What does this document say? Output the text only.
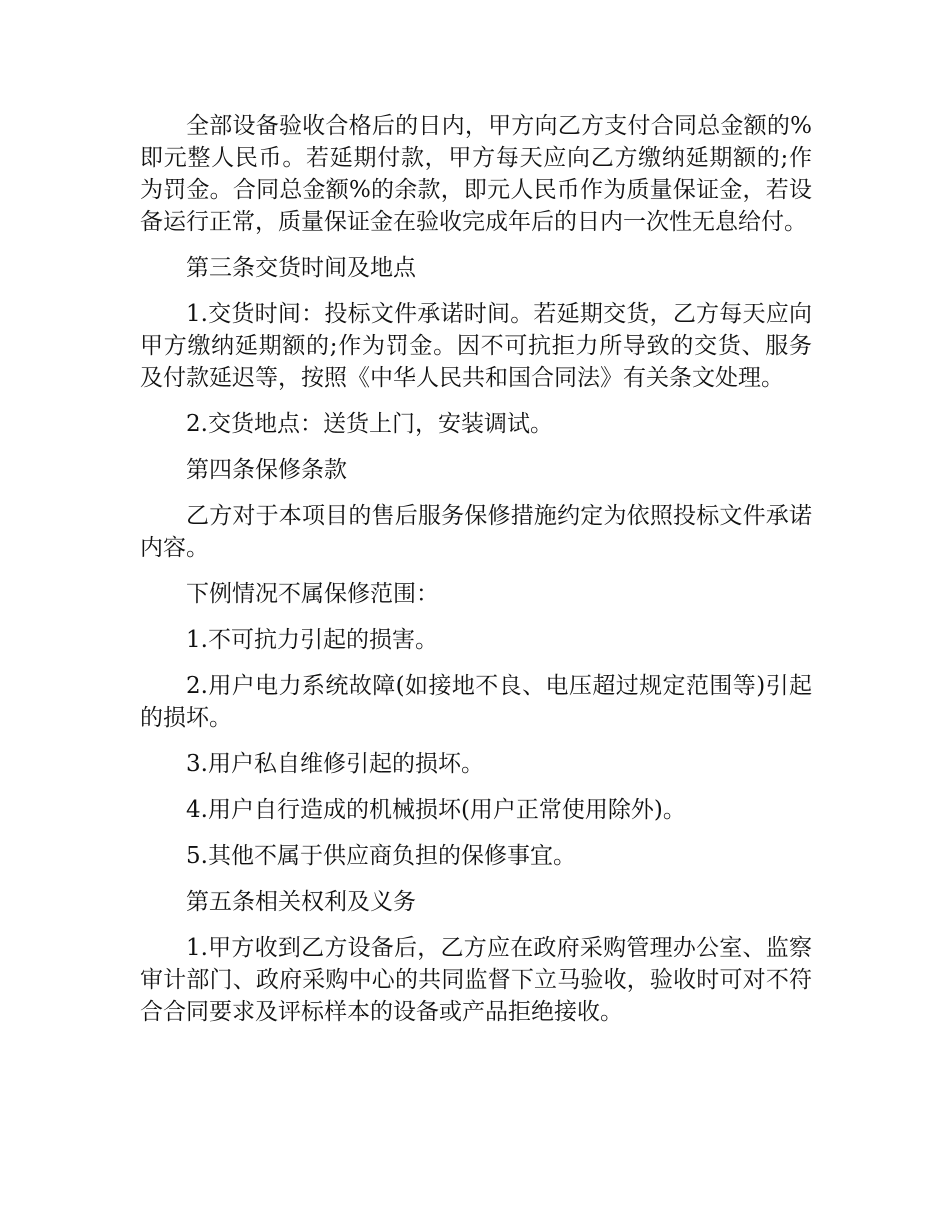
全部设备验收合格后的日内，甲方向乙方支付合同总金额的%即元整人民币。若延期付款，甲方每天应向乙方缴纳延期额的;作为罚金。合同总金额%的余款，即元人民币作为质量保证金，若设备运行正常，质量保证金在验收完成年后的日内一次性无息给付。

第三条交货时间及地点

1.交货时间：投标文件承诺时间。若延期交货，乙方每天应向甲方缴纳延期额的;作为罚金。因不可抗拒力所导致的交货、服务及付款延迟等，按照《中华人民共和国合同法》有关条文处理。

2.交货地点：送货上门，安装调试。

第四条保修条款

乙方对于本项目的售后服务保修措施约定为依照投标文件承诺内容。

下例情况不属保修范围：

1.不可抗力引起的损害。

2.用户电力系统故障(如接地不良、电压超过规定范围等)引起的损坏。

3.用户私自维修引起的损坏。

4.用户自行造成的机械损坏(用户正常使用除外)。

5.其他不属于供应商负担的保修事宜。

第五条相关权利及义务

1.甲方收到乙方设备后，乙方应在政府采购管理办公室、监察审计部门、政府采购中心的共同监督下立马验收，验收时可对不符合合同要求及评标样本的设备或产品拒绝接收。
